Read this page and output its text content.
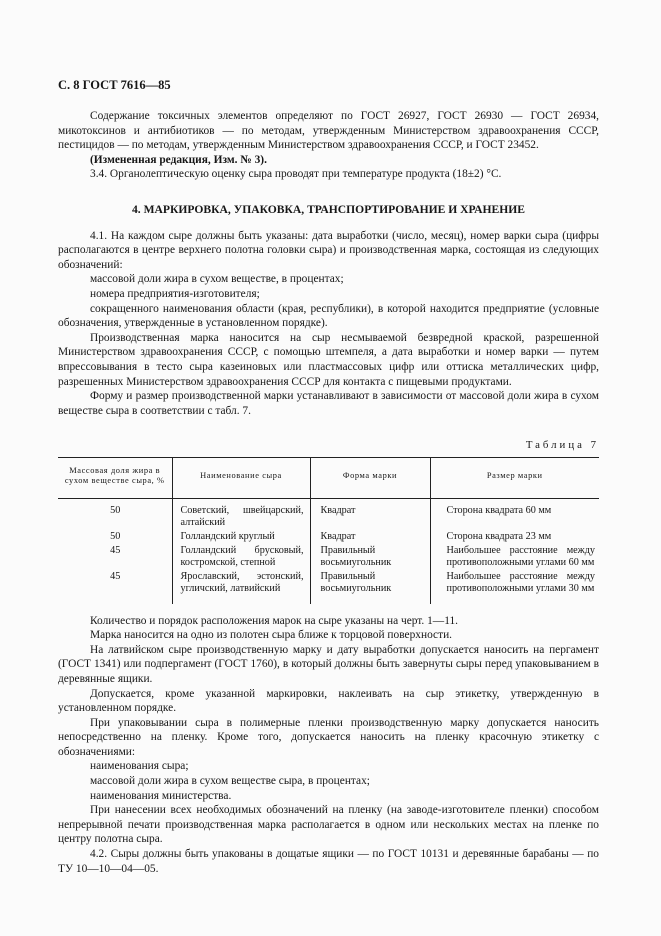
С. 8 ГОСТ 7616—85

Содержание токсичных элементов определяют по ГОСТ 26927, ГОСТ 26930 — ГОСТ 26934, микотоксинов и антибиотиков — по методам, утвержденным Министерством здравоохранения СССР, пестицидов — по методам, утвержденным Министерством здравоохранения СССР, и ГОСТ 23452.

(Измененная редакция, Изм. № 3).

3.4. Органолептическую оценку сыра проводят при температуре продукта (18±2) °С.

4. МАРКИРОВКА, УПАКОВКА, ТРАНСПОРТИРОВАНИЕ И ХРАНЕНИЕ

4.1. На каждом сыре должны быть указаны: дата выработки (число, месяц), номер варки сыра (цифры располагаются в центре верхнего полотна головки сыра) и производственная марка, состоящая из следующих обозначений:

массовой доли жира в сухом веществе, в процентах;

номера предприятия-изготовителя;

сокращенного наименования области (края, республики), в которой находится предприятие (условные обозначения, утвержденные в установленном порядке).

Производственная марка наносится на сыр несмываемой безвредной краской, разрешенной Министерством здравоохранения СССР, с помощью штемпеля, а дата выработки и номер варки — путем впрессовывания в тесто сыра казеиновых или пластмассовых цифр или оттиска металлических цифр, разрешенных Министерством здравоохранения СССР для контакта с пищевыми продуктами.

Форму и размер производственной марки устанавливают в зависимости от массовой доли жира в сухом веществе сыра в соответствии с табл. 7.

Таблица 7
Массовая доля жира в сухом веществе сыра, %	Наименование сыра	Форма марки	Размер марки
50	Советский, швейцарский, алтайский	Квадрат	Сторона квадрата 60 мм
50	Голландский круглый	Квадрат	Сторона квадрата 23 мм
45	Голландский брусковый, костромской, степной	Правильный восьмиугольник	Наибольшее расстояние между противоположными углами 60 мм
45	Ярославский, эстонский, угличский, латвийский	Правильный восьмиугольник	Наибольшее расстояние между противоположными углами 30 мм

Количество и порядок расположения марок на сыре указаны на черт. 1—11.

Марка наносится на одно из полотен сыра ближе к торцовой поверхности.

На латвийском сыре производственную марку и дату выработки допускается наносить на пергамент (ГОСТ 1341) или подпергамент (ГОСТ 1760), в который должны быть завернуты сыры перед упаковыванием в деревянные ящики.

Допускается, кроме указанной маркировки, наклеивать на сыр этикетку, утвержденную в установленном порядке.

При упаковывании сыра в полимерные пленки производственную марку допускается наносить непосредственно на пленку. Кроме того, допускается наносить на пленку красочную этикетку с обозначениями:

наименования сыра;

массовой доли жира в сухом веществе сыра, в процентах;

наименования министерства.

При нанесении всех необходимых обозначений на пленку (на заводе-изготовителе пленки) способом непрерывной печати производственная марка располагается в одном или нескольких местах на пленке по центру полотна сыра.

4.2. Сыры должны быть упакованы в дощатые ящики — по ГОСТ 10131 и деревянные барабаны — по ТУ 10—10—04—05.
